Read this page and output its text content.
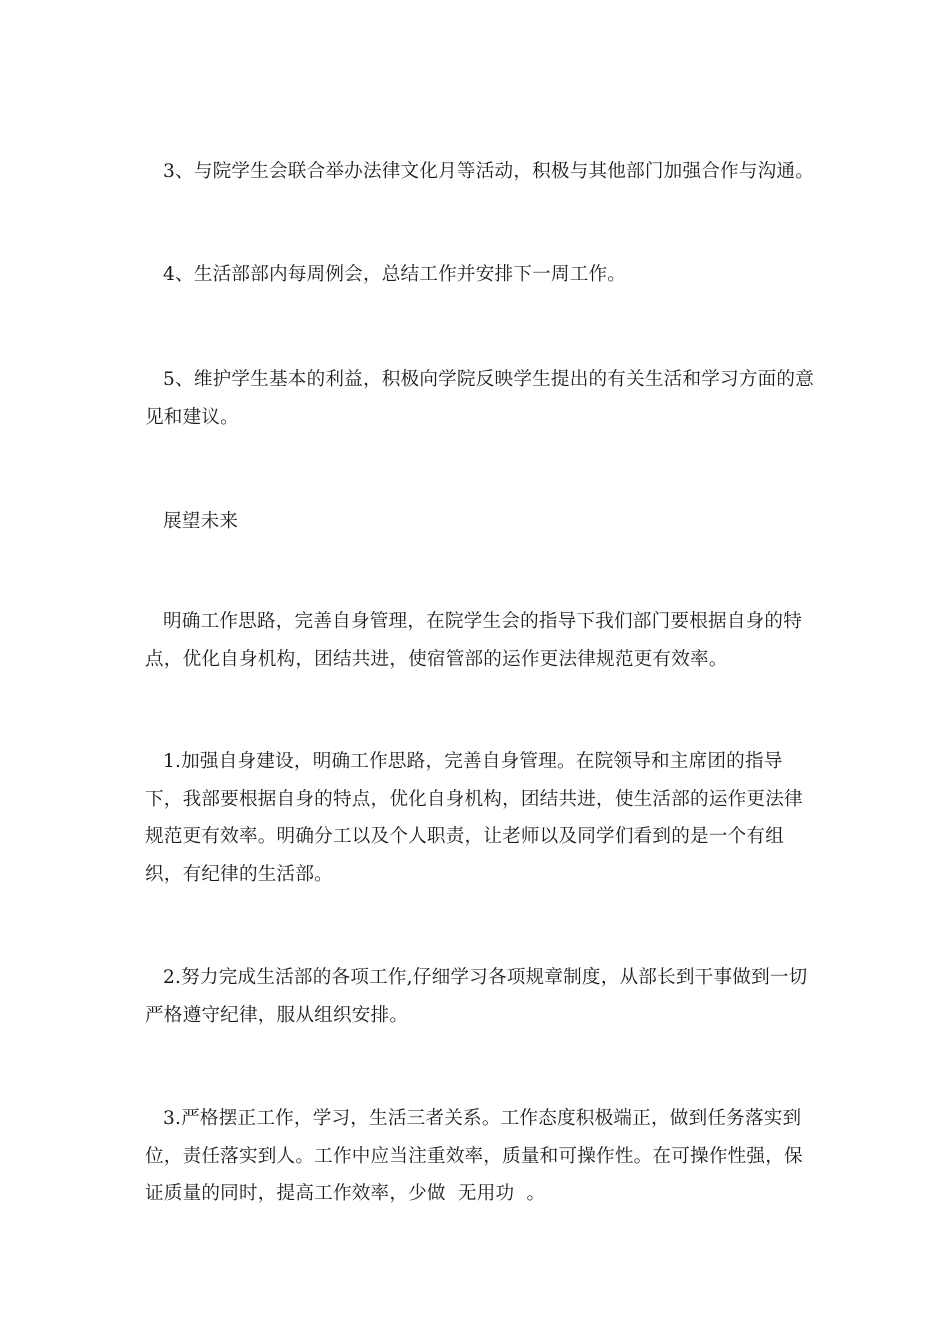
3、与院学生会联合举办法律文化月等活动，积极与其他部门加强合作与沟通。

4、生活部部内每周例会，总结工作并安排下一周工作。

5、维护学生基本的利益，积极向学院反映学生提出的有关生活和学习方面的意见和建议。

展望未来

明确工作思路，完善自身管理，在院学生会的指导下我们部门要根据自身的特点，优化自身机构，团结共进，使宿管部的运作更法律规范更有效率。

1.加强自身建设，明确工作思路，完善自身管理。在院领导和主席团的指导下，我部要根据自身的特点，优化自身机构，团结共进，使生活部的运作更法律规范更有效率。明确分工以及个人职责，让老师以及同学们看到的是一个有组织，有纪律的生活部。

2.努力完成生活部的各项工作,仔细学习各项规章制度，从部长到干事做到一切严格遵守纪律，服从组织安排。

3.严格摆正工作，学习，生活三者关系。工作态度积极端正，做到任务落实到位，责任落实到人。工作中应当注重效率，质量和可操作性。在可操作性强，保证质量的同时，提高工作效率，少做  无用功  。
